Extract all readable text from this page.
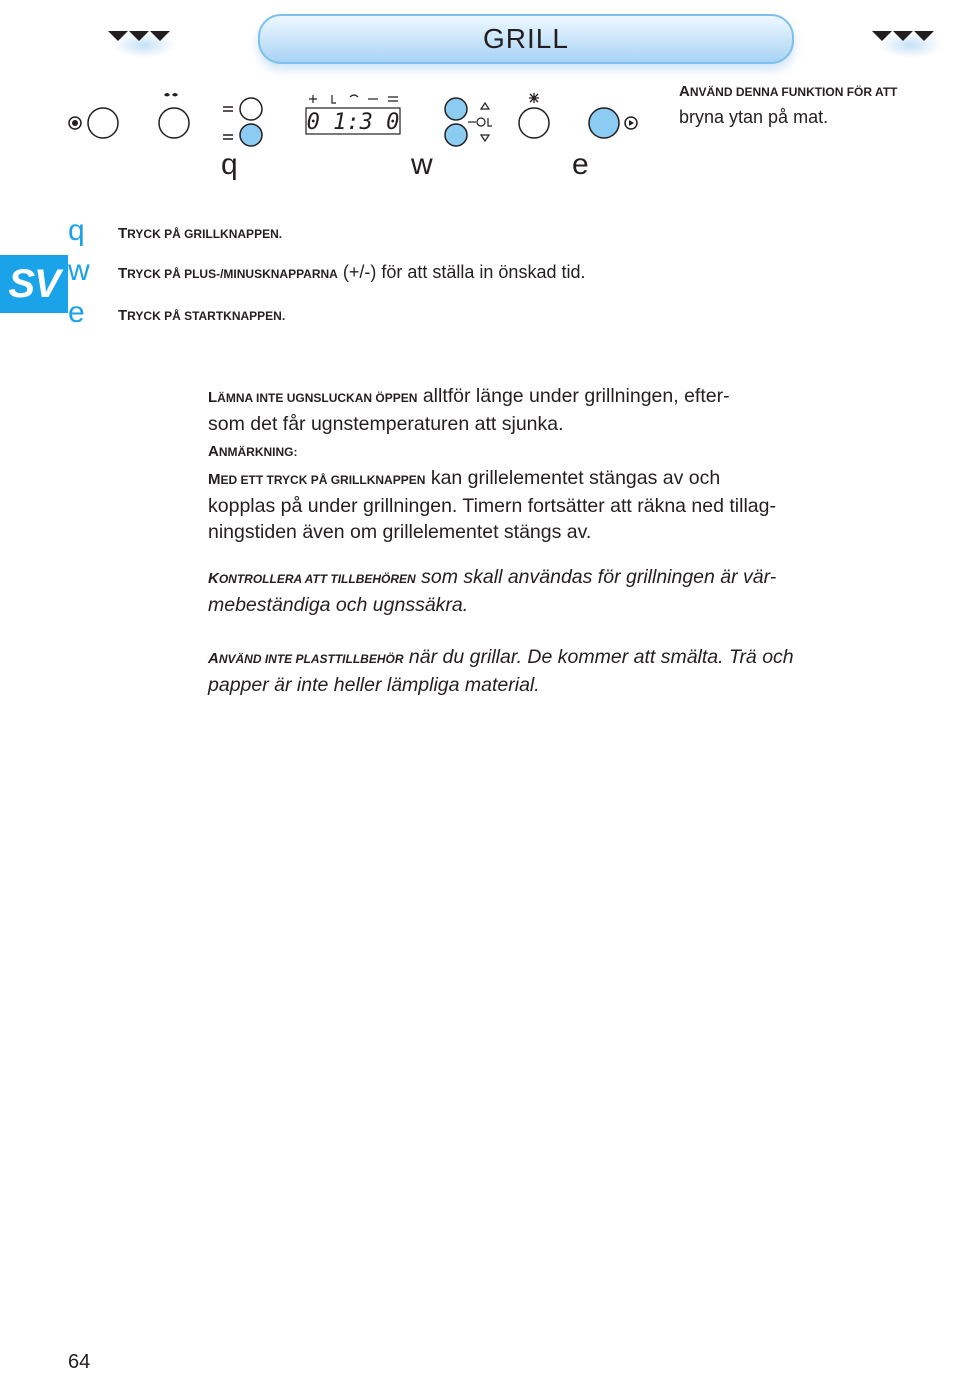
GRILL
ANVÄND DENNA FUNKTION FÖR ATT
bryna ytan på mat.
0 1:3 0
q	w	e
SV
q TRYCK PÅ GRILLKNAPPEN.
w TRYCK PÅ PLUS-/MINUSKNAPPARNA (+/-) för att ställa in önskad tid.
e TRYCK PÅ STARTKNAPPEN.
LÄMNA INTE UGNSLUCKAN ÖPPEN alltför länge under grillningen, efter-
som det får ugnstemperaturen att sjunka.
ANMÄRKNING:
MED ETT TRYCK PÅ GRILLKNAPPEN kan grillelementet stängas av och
kopplas på under grillningen. Timern fortsätter att räkna ned tillag-
ningstiden även om grillelementet stängs av.
KONTROLLERA ATT TILLBEHÖREN som skall användas för grillningen är vär-
mebeständiga och ugnssäkra.
ANVÄND INTE PLASTTILLBEHÖR när du grillar. De kommer att smälta. Trä och
papper är inte heller lämpliga material.
64
